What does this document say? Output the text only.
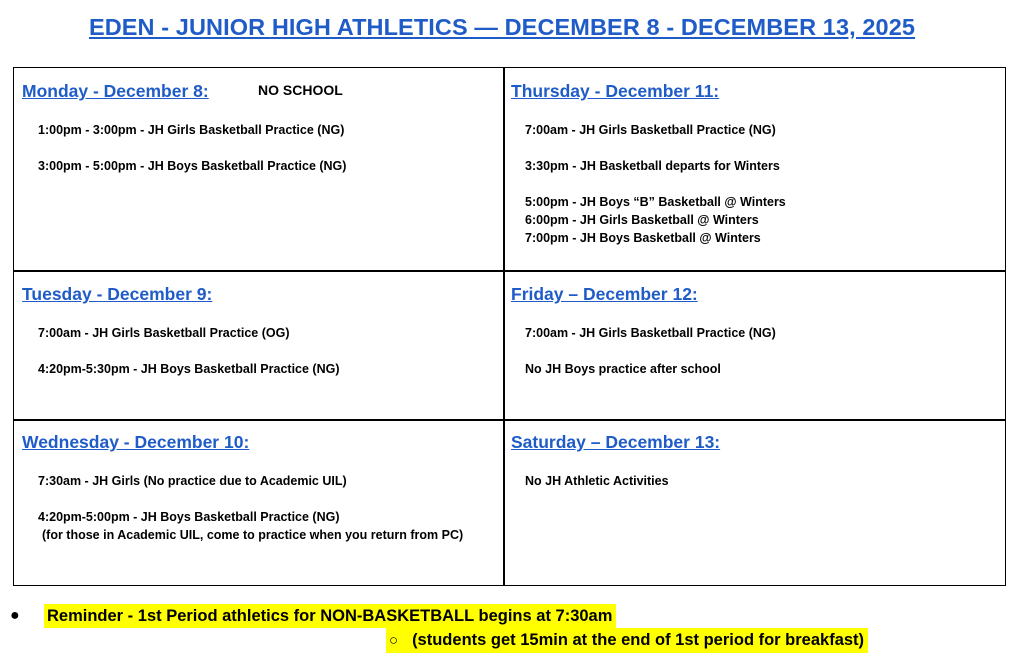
EDEN - JUNIOR HIGH ATHLETICS — DECEMBER 8 - DECEMBER 13, 2025
Monday - December 8:	NO SCHOOL
1:00pm - 3:00pm - JH Girls Basketball Practice (NG)
3:00pm - 5:00pm - JH Boys Basketball Practice (NG)
Thursday - December 11:
7:00am - JH Girls Basketball Practice (NG)
3:30pm - JH Basketball departs for Winters
5:00pm - JH Boys “B” Basketball @ Winters
6:00pm - JH Girls Basketball @ Winters
7:00pm - JH Boys Basketball @ Winters
Tuesday - December 9:
7:00am - JH Girls Basketball Practice (OG)
4:20pm-5:30pm - JH Boys Basketball Practice (NG)
Friday – December 12:
7:00am - JH Girls Basketball Practice (NG)
No JH Boys practice after school
Wednesday - December 10:
7:30am - JH Girls (No practice due to Academic UIL)
4:20pm-5:00pm - JH Boys Basketball Practice (NG)
(for those in Academic UIL, come to practice when you return from PC)
Saturday – December 13:
No JH Athletic Activities
● Reminder - 1st Period athletics for NON-BASKETBALL begins at 7:30am
○ (students get 15min at the end of 1st period for breakfast)
